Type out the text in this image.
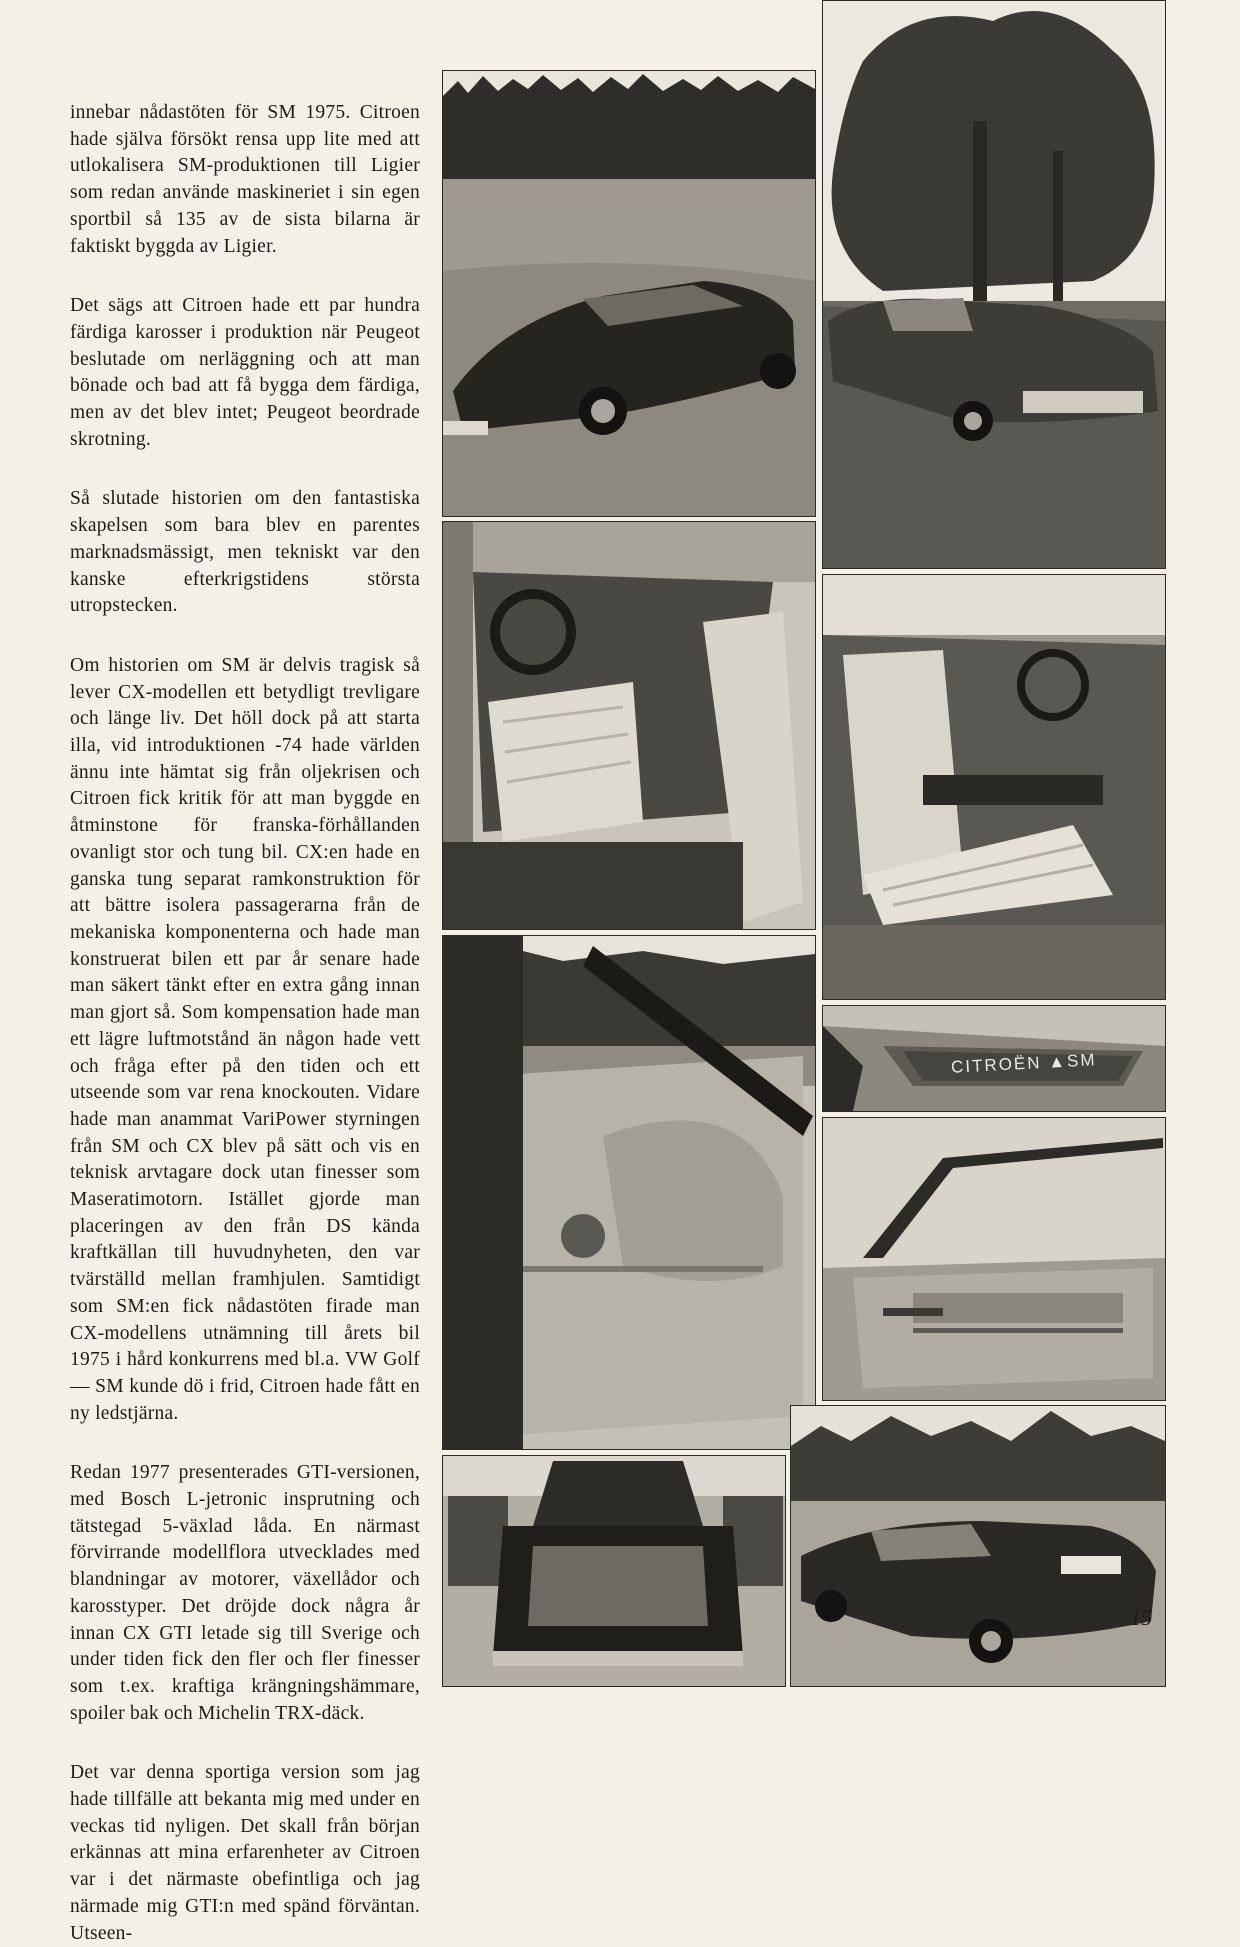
innebar nådastöten för SM 1975. Citroen hade själva försökt rensa upp lite med att utlokalisera SM-produktionen till Ligier som redan använde maskineriet i sin egen sportbil så 135 av de sista bilarna är faktiskt byggda av Ligier.

Det sägs att Citroen hade ett par hundra färdiga karosser i produktion när Peugeot beslutade om nerläggning och att man bönade och bad att få bygga dem färdiga, men av det blev intet; Peugeot beordrade skrotning.

Så slutade historien om den fantastiska skapelsen som bara blev en parentes marknadsmässigt, men tekniskt var den kanske efterkrigstidens största utropstecken.

Om historien om SM är delvis tragisk så lever CX-modellen ett betydligt trevligare och länge liv. Det höll dock på att starta illa, vid introduktionen -74 hade världen ännu inte hämtat sig från oljekrisen och Citroen fick kritik för att man byggde en åtminstone för franska-förhållanden ovanligt stor och tung bil. CX:en hade en ganska tung separat ramkonstruktion för att bättre isolera passagerarna från de mekaniska komponenterna och hade man konstruerat bilen ett par år senare hade man säkert tänkt efter en extra gång innan man gjort så. Som kompensation hade man ett lägre luftmotstånd än någon hade vett och fråga efter på den tiden och ett utseende som var rena knockouten. Vidare hade man anammat VariPower styrningen från SM och CX blev på sätt och vis en teknisk arvtagare dock utan finesser som Maseratimotorn. Istället gjorde man placeringen av den från DS kända kraftkällan till huvudnyheten, den var tvärställd mellan framhjulen. Samtidigt som SM:en fick nådastöten firade man CX-modellens utnämning till årets bil 1975 i hård konkurrens med bl.a. VW Golf — SM kunde dö i frid, Citroen hade fått en ny ledstjärna.

Redan 1977 presenterades GTI-versionen, med Bosch L-jetronic insprutning och tätstegad 5-växlad låda. En närmast förvirrande modellflora utvecklades med blandningar av motorer, växellådor och karosstyper. Det dröjde dock några år innan CX GTI letade sig till Sverige och under tiden fick den fler och fler finesser som t.ex. kraftiga krängningshämmare, spoiler bak och Michelin TRX-däck.

Det var denna sportiga version som jag hade tillfälle att bekanta mig med under en veckas tid nyligen. Det skall från början erkännas att mina erfarenheter av Citroen var i det närmaste obefintliga och jag närmade mig GTI:n med spänd förväntan. Utseen-

CITROËN ▲SM
15
